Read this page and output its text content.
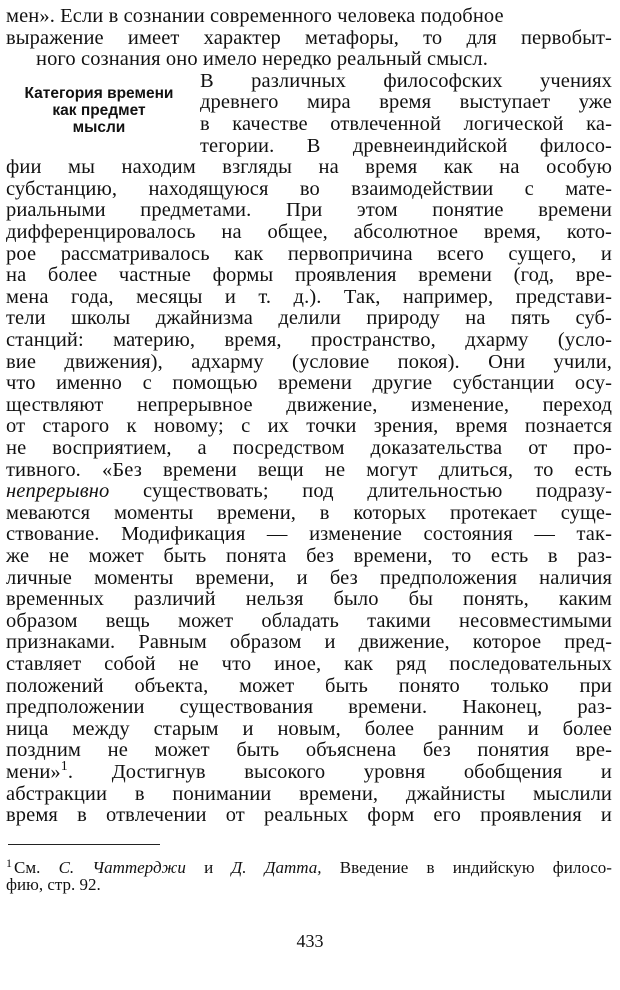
мен». Если в сознании современного человека подобное
выражение имеет характер метафоры, то для первобыт-
ного сознания оно имело нередко реальный смысл.
Категория времени
как предмет
мысли
В различных философских учениях
древнего мира время выступает уже
в качестве отвлеченной логической ка-
тегории. В древнеиндийской филосо-
фии мы находим взгляды на время как на особую
субстанцию, находящуюся во взаимодействии с мате-
риальными предметами. При этом понятие времени
дифференцировалось на общее, абсолютное время, кото-
рое рассматривалось как первопричина всего сущего, и
на более частные формы проявления времени (год, вре-
мена года, месяцы и т. д.). Так, например, представи-
тели школы джайнизма делили природу на пять суб-
станций: материю, время, пространство, дхарму (усло-
вие движения), адхарму (условие покоя). Они учили,
что именно с помощью времени другие субстанции осу-
ществляют непрерывное движение, изменение, переход
от старого к новому; с их точки зрения, время познается
не восприятием, а посредством доказательства от про-
тивного. «Без времени вещи не могут длиться, то есть
непрерывно существовать; под длительностью подразу-
меваются моменты времени, в которых протекает суще-
ствование. Модификация — изменение состояния — так-
же не может быть понята без времени, то есть в раз-
личные моменты времени, и без предположения наличия
временных различий нельзя было бы понять, каким
образом вещь может обладать такими несовместимыми
признаками. Равным образом и движение, которое пред-
ставляет собой не что иное, как ряд последовательных
положений объекта, может быть понято только при
предположении существования времени. Наконец, раз-
ница между старым и новым, более ранним и более
поздним не может быть объяснена без понятия вре-
мени»$^1$. Достигнув высокого уровня обобщения и
абстракции в понимании времени, джайнисты мыслили
время в отвлечении от реальных форм его проявления и
$^1$ См. С. Чаттерджи и Д. Датта, Введение в индийскую филосо-
фию, стр. 92.
433
